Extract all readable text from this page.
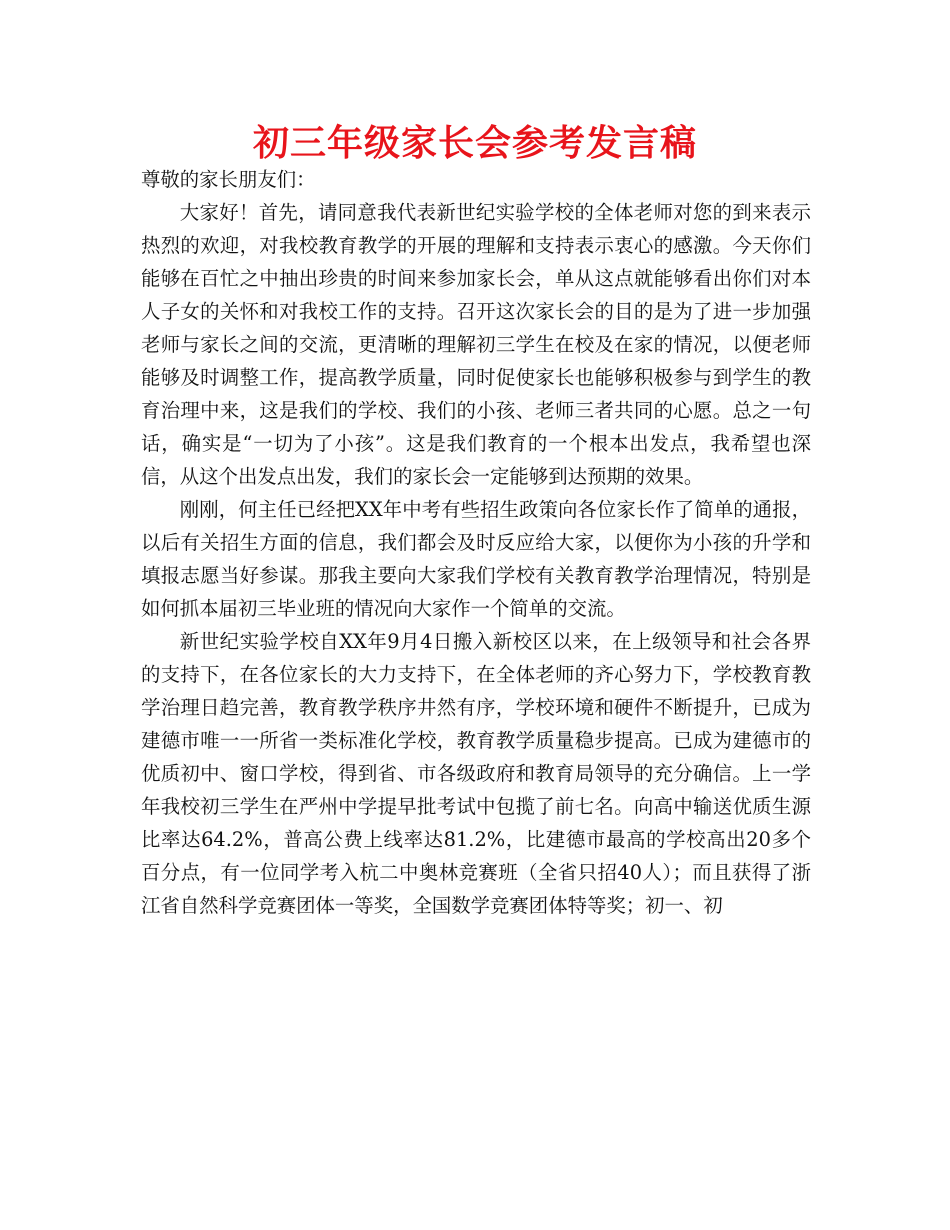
初三年级家长会参考发言稿

尊敬的家长朋友们：

大家好！首先，请同意我代表新世纪实验学校的全体老师对您的到来表示热烈的欢迎，对我校教育教学的开展的理解和支持表示衷心的感激。今天你们能够在百忙之中抽出珍贵的时间来参加家长会，单从这点就能够看出你们对本人子女的关怀和对我校工作的支持。召开这次家长会的目的是为了进一步加强老师与家长之间的交流，更清晰的理解初三学生在校及在家的情况，以便老师能够及时调整工作，提高教学质量，同时促使家长也能够积极参与到学生的教育治理中来，这是我们的学校、我们的小孩、老师三者共同的心愿。总之一句话，确实是“一切为了小孩”。这是我们教育的一个根本出发点，我希望也深信，从这个出发点出发，我们的家长会一定能够到达预期的效果。

刚刚，何主任已经把XX年中考有些招生政策向各位家长作了简单的通报，以后有关招生方面的信息，我们都会及时反应给大家，以便你为小孩的升学和填报志愿当好参谋。那我主要向大家我们学校有关教育教学治理情况，特别是如何抓本届初三毕业班的情况向大家作一个简单的交流。

新世纪实验学校自XX年9月4日搬入新校区以来，在上级领导和社会各界的支持下，在各位家长的大力支持下，在全体老师的齐心努力下，学校教育教学治理日趋完善，教育教学秩序井然有序，学校环境和硬件不断提升，已成为建德市唯一一所省一类标准化学校，教育教学质量稳步提高。已成为建德市的优质初中、窗口学校，得到省、市各级政府和教育局领导的充分确信。上一学年我校初三学生在严州中学提早批考试中包揽了前七名。向高中输送优质生源比率达64.2%，普高公费上线率达81.2%，比建德市最高的学校高出20多个百分点，有一位同学考入杭二中奥林竞赛班（全省只招40人）；而且获得了浙江省自然科学竞赛团体一等奖，全国数学竞赛团体特等奖；初一、初
